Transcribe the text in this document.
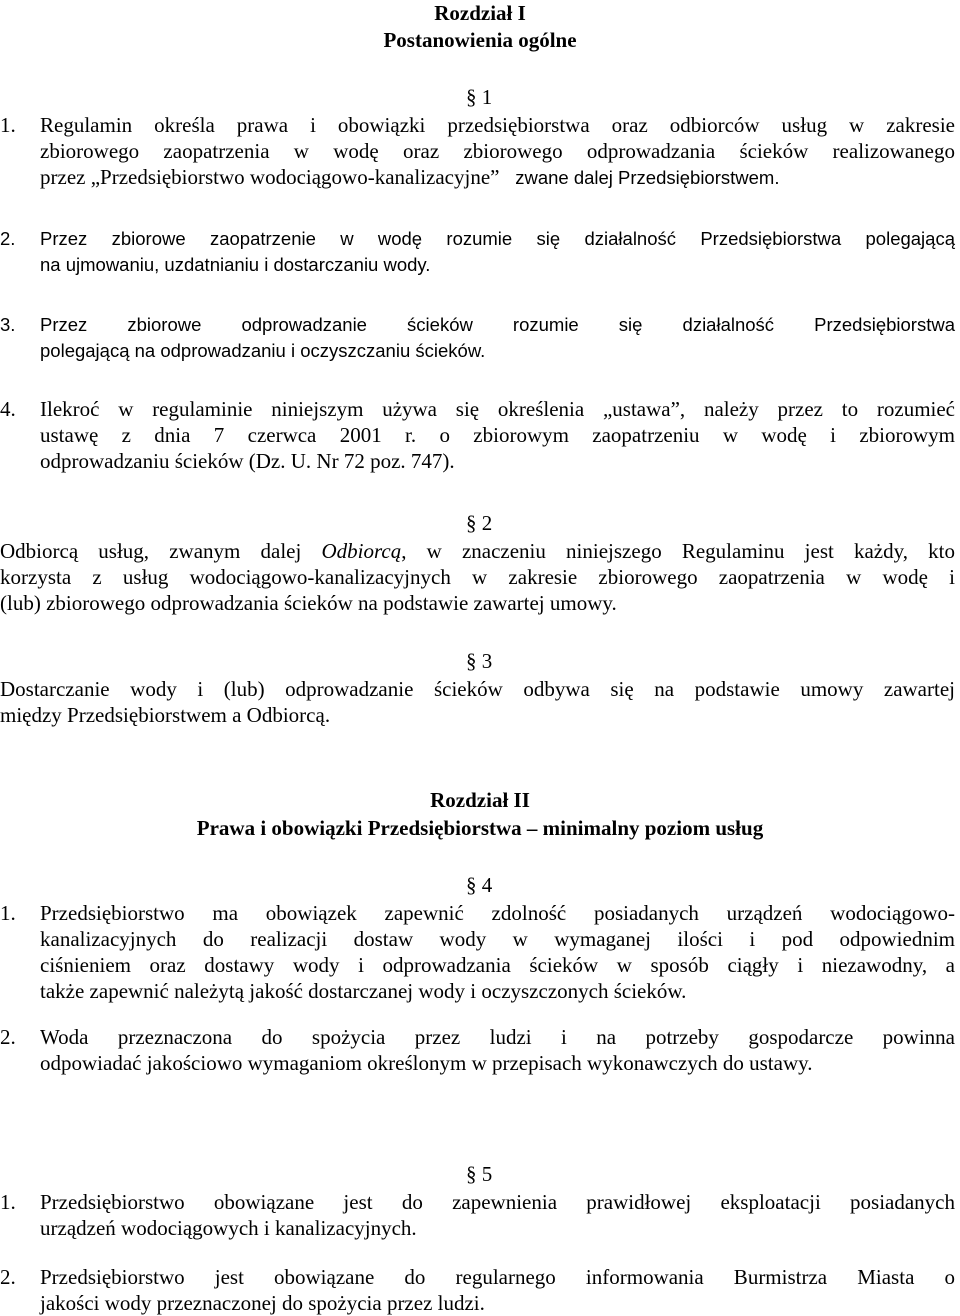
Rozdział I
Postanowienia ogólne
§ 1
1. Regulamin określa prawa i obowiązki przedsiębiorstwa oraz odbiorców usług w zakresie
zbiorowego zaopatrzenia w wodę oraz zbiorowego odprowadzania ścieków realizowanego
przez „Przedsiębiorstwo wodociągowo-kanalizacyjne” zwane dalej Przedsiębiorstwem.
2. Przez zbiorowe zaopatrzenie w wodę rozumie się działalność Przedsiębiorstwa polegającą
na ujmowaniu, uzdatnianiu i dostarczaniu wody.
3. Przez zbiorowe odprowadzanie ścieków rozumie się działalność Przedsiębiorstwa
polegającą na odprowadzaniu i oczyszczaniu ścieków.
4. Ilekroć w regulaminie niniejszym używa się określenia „ustawa”, należy przez to rozumieć
ustawę z dnia 7 czerwca 2001 r. o zbiorowym zaopatrzeniu w wodę i zbiorowym
odprowadzaniu ścieków (Dz. U. Nr 72 poz. 747).
§ 2
Odbiorcą usług, zwanym dalej Odbiorcą, w znaczeniu niniejszego Regulaminu jest każdy, kto
korzysta z usług wodociągowo-kanalizacyjnych w zakresie zbiorowego zaopatrzenia w wodę i
(lub) zbiorowego odprowadzania ścieków na podstawie zawartej umowy.
§ 3
Dostarczanie wody i (lub) odprowadzanie ścieków odbywa się na podstawie umowy zawartej
między Przedsiębiorstwem a Odbiorcą.
Rozdział II
Prawa i obowiązki Przedsiębiorstwa – minimalny poziom usług
§ 4
1. Przedsiębiorstwo ma obowiązek zapewnić zdolność posiadanych urządzeń wodociągowo-
kanalizacyjnych do realizacji dostaw wody w wymaganej ilości i pod odpowiednim
ciśnieniem oraz dostawy wody i odprowadzania ścieków w sposób ciągły i niezawodny, a
także zapewnić należytą jakość dostarczanej wody i oczyszczonych ścieków.
2. Woda przeznaczona do spożycia przez ludzi i na potrzeby gospodarcze powinna
odpowiadać jakościowo wymaganiom określonym w przepisach wykonawczych do ustawy.
§ 5
1. Przedsiębiorstwo obowiązane jest do zapewnienia prawidłowej eksploatacji posiadanych
urządzeń wodociągowych i kanalizacyjnych.
2. Przedsiębiorstwo jest obowiązane do regularnego informowania Burmistrza Miasta o
jakości wody przeznaczonej do spożycia przez ludzi.
